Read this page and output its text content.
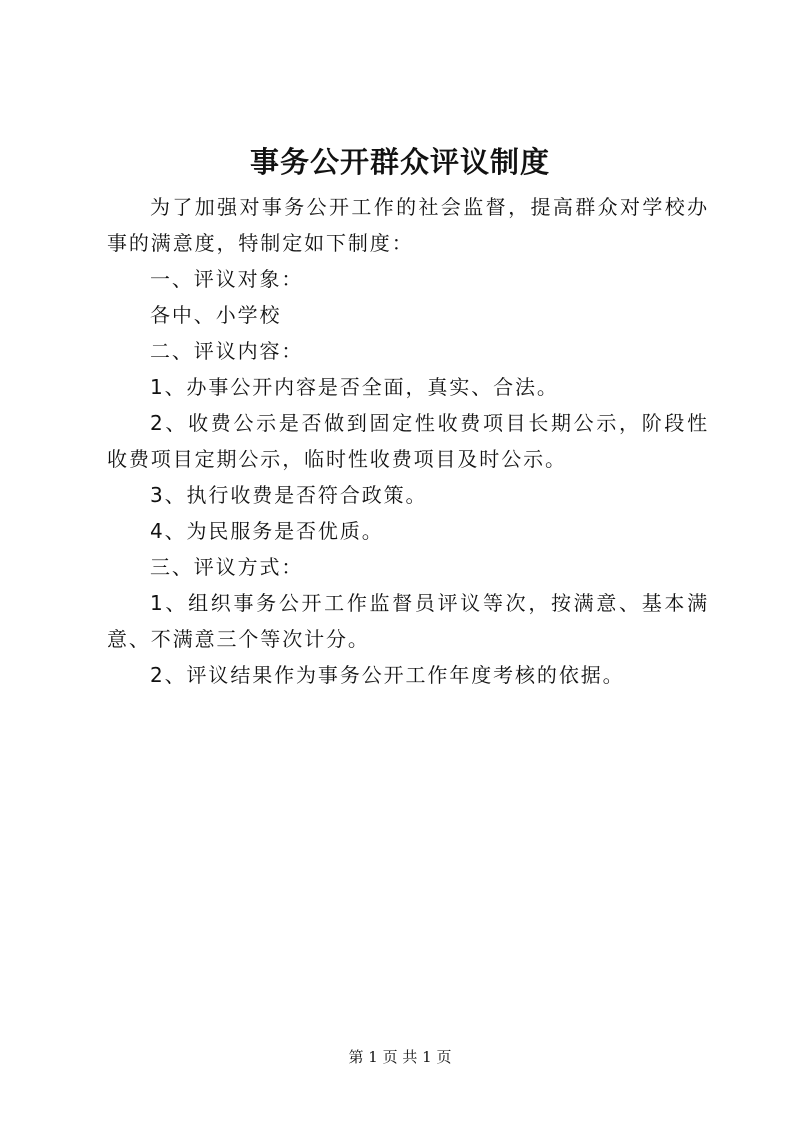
事务公开群众评议制度

为了加强对事务公开工作的社会监督，提高群众对学校办事的满意度，特制定如下制度：

一、评议对象：

各中、小学校

二、评议内容：

1、办事公开内容是否全面，真实、合法。

2、收费公示是否做到固定性收费项目长期公示，阶段性收费项目定期公示，临时性收费项目及时公示。

3、执行收费是否符合政策。

4、为民服务是否优质。

三、评议方式：

1、组织事务公开工作监督员评议等次，按满意、基本满意、不满意三个等次计分。

2、评议结果作为事务公开工作年度考核的依据。

第 1 页 共 1 页
